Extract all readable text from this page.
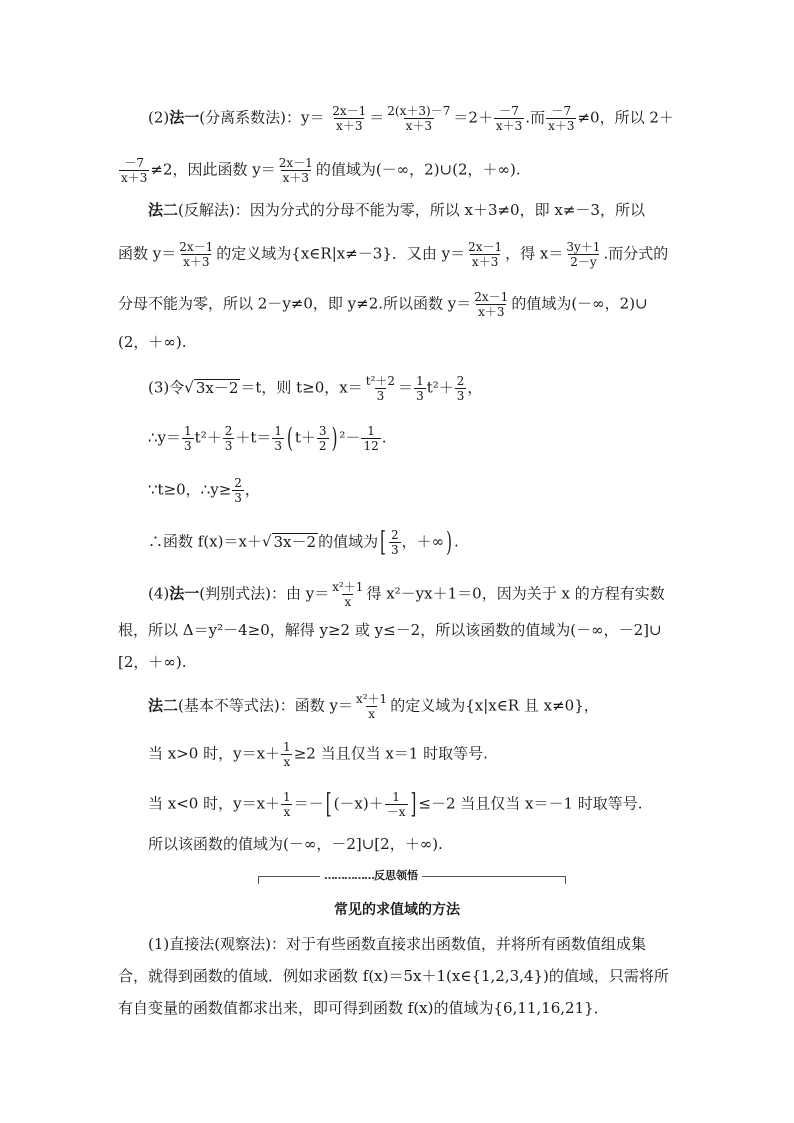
(2)法一(分离系数法)：$y= \frac{2x-1}{x+3} = \frac{2(x+3)-7}{x+3} =2+ \frac{-7}{x+3}$ .而 $\frac{-7}{x+3} \ne 0$，所以 2＋
$\frac{-7}{x+3} \ne 2$，因此函数 $y= \frac{2x-1}{x+3}$ 的值域为(－∞，2)∪(2，＋∞).
法二(反解法)：因为分式的分母不能为零，所以 x＋3≠0，即 x≠－3，所以
函数 $y= \frac{2x-1}{x+3}$ 的定义域为{x∈R|x≠－3}．又由 $y= \frac{2x-1}{x+3}$ ，得 $x= \frac{3y+1}{2-y}$ .而分式的
分母不能为零，所以 2－y≠0，即 y≠2.所以函数 $y= \frac{2x-1}{x+3}$ 的值域为(－∞，2)∪
(2，＋∞).
(3)令√ 3x－2 ＝t，则 t≥0，$x= \frac{\text{t²＋2}}{3} = \frac{1}{3} t^2+ \frac{2}{3}$ ，
∴y＝ $\frac{1}{3} t^2+ \frac{2}{3} +t= \frac{1}{3}$ ( $t+ \frac{3}{2}$ ) $^2- \frac{1}{12}$ .
∵t≥0，∴y≥ $\frac{2}{3}$ ，
∴函数 f(x)＝x＋√ 3x－2 的值域为 [ $\frac{2}{3}$ ，＋∞ ) .
(4)法一(判别式法)：由 $y= \frac{\text{x²＋1}}{x}$ 得 x²－yx＋1＝0，因为关于 x 的方程有实数
根，所以 Δ＝y²－4≥0，解得 y≥2 或 y≤－2，所以该函数的值域为(－∞，－2]∪
[2，＋∞).
法二(基本不等式法)：函数 $y= \frac{\text{x²＋1}}{x}$ 的定义域为{x|x∈R 且 x≠0}，
当 x>0 时，$y=x+ \frac{1}{x} \ge 2$ 当且仅当 x＝1 时取等号.
当 x<0 时，$y=x+ \frac{1}{x}$ ＝－ [ $(-x)+ \frac{1}{-x}$ ] ≤－2 当且仅当 x＝－1 时取等号.
所以该函数的值域为(－∞，－2]∪[2，＋∞).
……………反思领悟
常见的求值域的方法
(1)直接法(观察法)：对于有些函数直接求出函数值，并将所有函数值组成集
合，就得到函数的值域．例如求函数 f(x)＝5x＋1(x∈{1,2,3,4})的值域，只需将所
有自变量的函数值都求出来，即可得到函数 f(x)的值域为{6,11,16,21}．
